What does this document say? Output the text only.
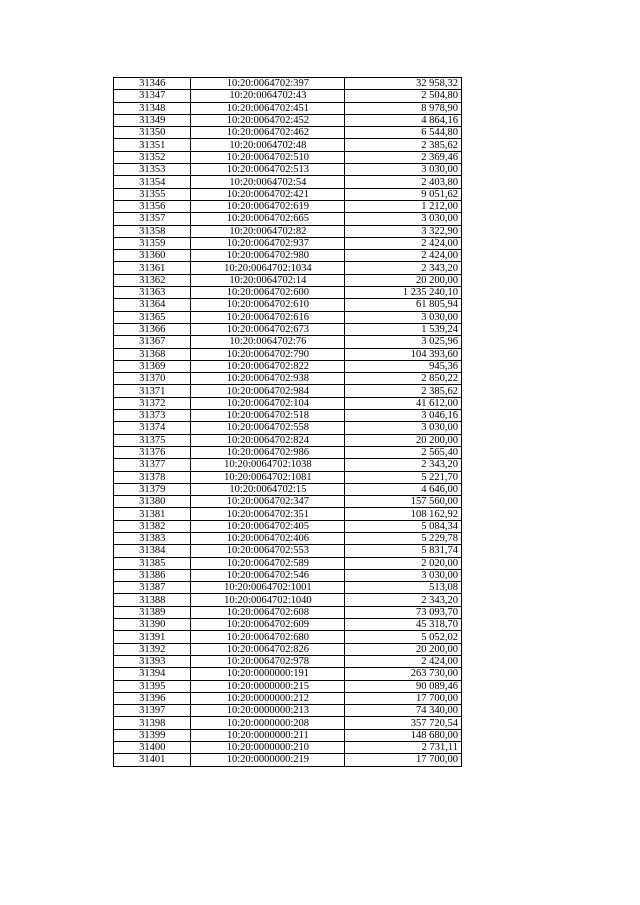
31346	10:20:0064702:397	32 958,32
31347	10:20:0064702:43	2 504,80
31348	10:20:0064702:451	8 978,90
31349	10:20:0064702:452	4 864,16
31350	10:20:0064702:462	6 544,80
31351	10:20:0064702:48	2 385,62
31352	10:20:0064702:510	2 369,46
31353	10:20:0064702:513	3 030,00
31354	10:20:0064702:54	2 403,80
31355	10:20:0064702:421	9 051,62
31356	10:20:0064702:619	1 212,00
31357	10:20:0064702:665	3 030,00
31358	10:20:0064702:82	3 322,90
31359	10:20:0064702:937	2 424,00
31360	10:20:0064702:980	2 424,00
31361	10:20:0064702:1034	2 343,20
31362	10:20:0064702:14	20 200,00
31363	10:20:0064702:600	1 235 240,10
31364	10:20:0064702:610	61 805,94
31365	10:20:0064702:616	3 030,00
31366	10:20:0064702:673	1 539,24
31367	10:20:0064702:76	3 025,96
31368	10:20:0064702:790	104 393,60
31369	10:20:0064702:822	945,36
31370	10:20:0064702:938	2 850,22
31371	10:20:0064702:984	2 385,62
31372	10:20:0064702:104	41 612,00
31373	10:20:0064702:518	3 046,16
31374	10:20:0064702:558	3 030,00
31375	10:20:0064702:824	20 200,00
31376	10:20:0064702:986	2 565,40
31377	10:20:0064702:1038	2 343,20
31378	10:20:0064702:1081	5 221,70
31379	10:20:0064702:15	4 646,00
31380	10:20:0064702:347	157 560,00
31381	10:20:0064702:351	108 162,92
31382	10:20:0064702:405	5 084,34
31383	10:20:0064702:406	5 229,78
31384	10:20:0064702:553	5 831,74
31385	10:20:0064702:589	2 020,00
31386	10:20:0064702:546	3 030,00
31387	10:20:0064702:1001	513,08
31388	10:20:0064702:1040	2 343,20
31389	10:20:0064702:608	73 093,70
31390	10:20:0064702:609	45 318,70
31391	10:20:0064702:680	5 052,02
31392	10:20:0064702:826	20 200,00
31393	10:20:0064702:978	2 424,00
31394	10:20:0000000:191	263 730,00
31395	10:20:0000000:215	90 089,46
31396	10:20:0000000:212	17 700,00
31397	10:20:0000000:213	74 340,00
31398	10:20:0000000:208	357 720,54
31399	10:20:0000000:211	148 680,00
31400	10:20:0000000:210	2 731,11
31401	10:20:0000000:219	17 700,00
